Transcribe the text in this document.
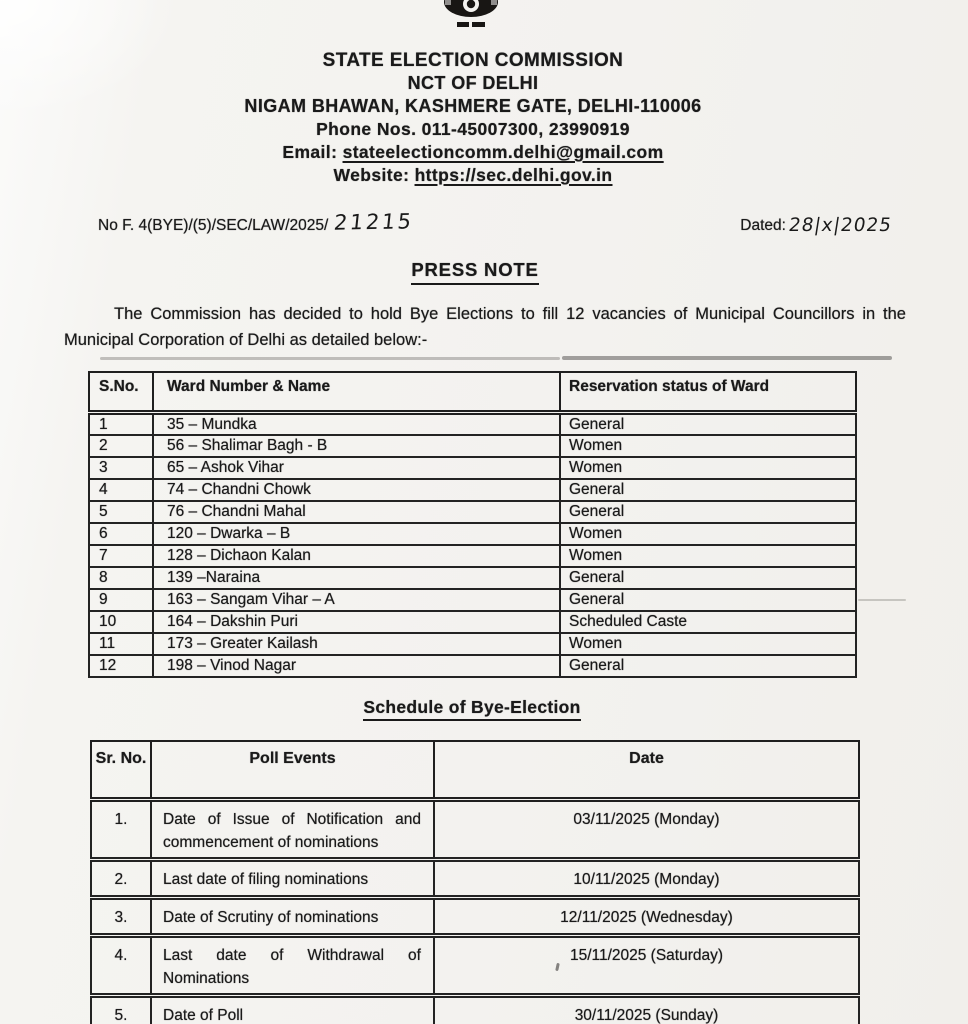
STATE ELECTION COMMISSION
NCT OF DELHI
NIGAM BHAWAN, KASHMERE GATE, DELHI-110006
Phone Nos. 011-45007300, 23990919
Email: stateelectioncomm.delhi@gmail.com
Website: https://sec.delhi.gov.in
No F. 4(BYE)/(5)/SEC/LAW/2025/ 21215	Dated:28|x|2025
PRESS NOTE

The Commission has decided to hold Bye Elections to fill 12 vacancies of Municipal Councillors in the Municipal Corporation of Delhi as detailed below:-

S.No.	Ward Number & Name	Reservation status of Ward
1	35 – Mundka	General
2	56 – Shalimar Bagh - B	Women
3	65 – Ashok Vihar	Women
4	74 – Chandni Chowk	General
5	76 – Chandni Mahal	General
6	120 – Dwarka – B	Women
7	128 – Dichaon Kalan	Women
8	139 –Naraina	General
9	163 – Sangam Vihar – A	General
10	164 – Dakshin Puri	Scheduled Caste
11	173 – Greater Kailash	Women
12	198 – Vinod Nagar	General
Schedule of Bye-Election
Sr. No.	Poll Events	Date
1.	Date of Issue of Notification and commencement of nominations	03/11/2025 (Monday)
2.	Last date of filing nominations	10/11/2025 (Monday)
3.	Date of Scrutiny of nominations	12/11/2025 (Wednesday)
4.	Last date of Withdrawal of Nominations	15/11/2025 (Saturday)
5.	Date of Poll	30/11/2025 (Sunday)
